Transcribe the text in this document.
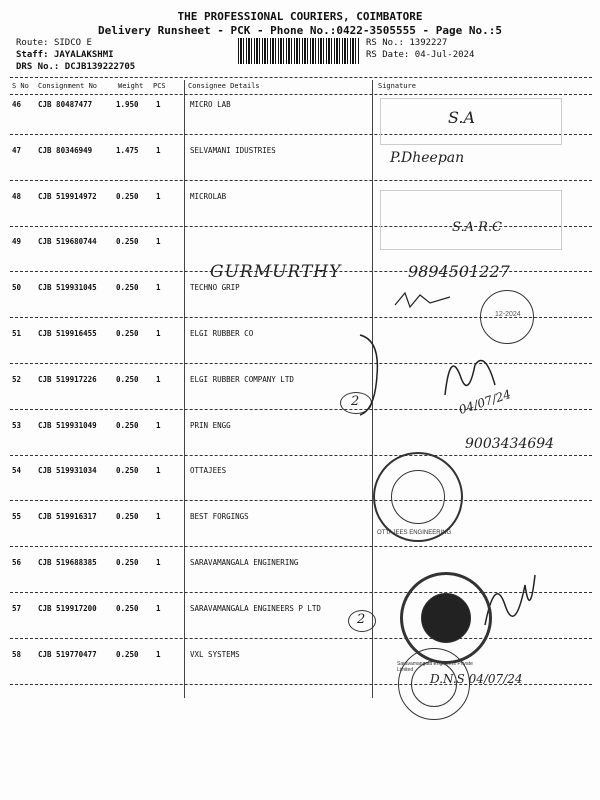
THE PROFESSIONAL COURIERS, COIMBATORE
Delivery Runsheet - PCK - Phone No.:0422-3505555 - Page No.:5
Route: SIDCO E
Staff: JAYALAKSHMI
DRS No.: DCJB139222705
RS No.: 1392227
RS Date: 04-Jul-2024
S No Consignment No	Weight PCS	Consignee Details	Signature
46 CJB 80487477	1.950 1	MICRO LAB
47 CJB 80346949	1.475 1	SELVAMANI IDUSTRIES
48 CJB 519914972	0.250 1	MICROLAB
49 CJB 519680744	0.250 1
50 CJB 519931045	0.250 1	TECHNO GRIP
51 CJB 519916455	0.250 1	ELGI RUBBER CO
52 CJB 519917226	0.250 1	ELGI RUBBER COMPANY LTD
53 CJB 519931049	0.250 1	PRIN ENGG
54 CJB 519931034	0.250 1	OTTAJEES
55 CJB 519916317	0.250 1	BEST FORGINGS
56 CJB 519688385	0.250 1	SARAVAMANGALA ENGINERING
57 CJB 519917200	0.250 1	SARAVAMANGALA ENGINEERS P LTD
58 CJB 519770477	0.250 1	VXL SYSTEMS
S.A
P.Dheepan
S.A R.C
GURMURTHY	9894501227
04/07/24
9003434694
D.N.S 04/07/24
2
2
12-2024
OTTAJEES ENGINEERING
Saravamangala Engineers Private Limited
